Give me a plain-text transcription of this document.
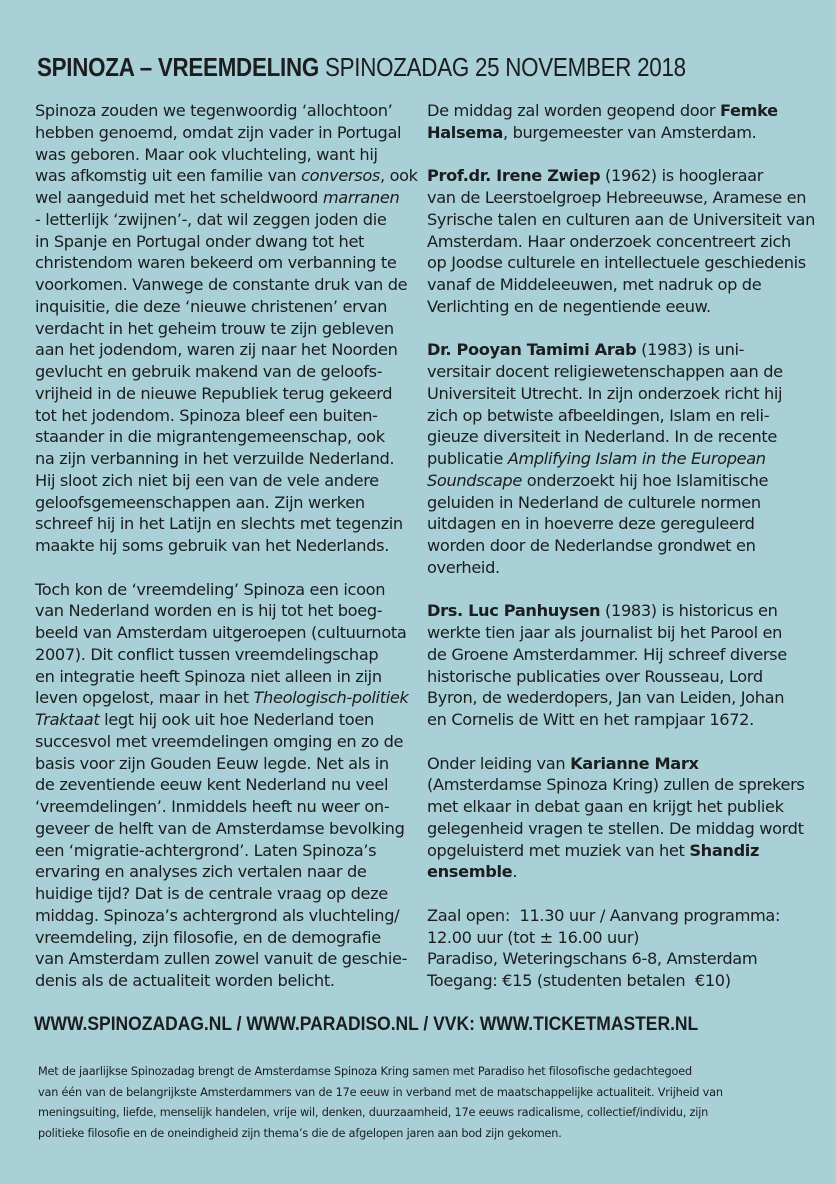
SPINOZA – VREEMDELING SPINOZADAG 25 NOVEMBER 2018
Spinoza zouden we tegenwoordig ‘allochtoon’
hebben genoemd, omdat zijn vader in Portugal
was geboren. Maar ook vluchteling, want hij
was afkomstig uit een familie van conversos, ook
wel aangeduid met het scheldwoord marranen
- letterlijk ‘zwijnen’-, dat wil zeggen joden die
in Spanje en Portugal onder dwang tot het
christendom waren bekeerd om verbanning te
voorkomen. Vanwege de constante druk van de
inquisitie, die deze ‘nieuwe christenen’ ervan
verdacht in het geheim trouw te zijn gebleven
aan het jodendom, waren zij naar het Noorden
gevlucht en gebruik makend van de geloofs-
vrijheid in de nieuwe Republiek terug gekeerd
tot het jodendom. Spinoza bleef een buiten-
staander in die migrantengemeenschap, ook
na zijn verbanning in het verzuilde Nederland.
Hij sloot zich niet bij een van de vele andere
geloofsgemeenschappen aan. Zijn werken
schreef hij in het Latijn en slechts met tegenzin
maakte hij soms gebruik van het Nederlands.
Toch kon de ‘vreemdeling’ Spinoza een icoon
van Nederland worden en is hij tot het boeg-
beeld van Amsterdam uitgeroepen (cultuurnota
2007). Dit conflict tussen vreemdelingschap
en integratie heeft Spinoza niet alleen in zijn
leven opgelost, maar in het Theologisch-politiek
Traktaat legt hij ook uit hoe Nederland toen
succesvol met vreemdelingen omging en zo de
basis voor zijn Gouden Eeuw legde. Net als in
de zeventiende eeuw kent Nederland nu veel
‘vreemdelingen’. Inmiddels heeft nu weer on-
geveer de helft van de Amsterdamse bevolking
een ‘migratie-achtergrond’. Laten Spinoza’s
ervaring en analyses zich vertalen naar de
huidige tijd? Dat is de centrale vraag op deze
middag. Spinoza’s achtergrond als vluchteling/
vreemdeling, zijn filosofie, en de demografie
van Amsterdam zullen zowel vanuit de geschie-
denis als de actualiteit worden belicht.
De middag zal worden geopend door Femke
Halsema, burgemeester van Amsterdam.
Prof.dr. Irene Zwiep (1962) is hoogleraar
van de Leerstoelgroep Hebreeuwse, Aramese en
Syrische talen en culturen aan de Universiteit van
Amsterdam. Haar onderzoek concentreert zich
op Joodse culturele en intellectuele geschiedenis
vanaf de Middeleeuwen, met nadruk op de
Verlichting en de negentiende eeuw.
Dr. Pooyan Tamimi Arab (1983) is uni-
versitair docent religiewetenschappen aan de
Universiteit Utrecht. In zijn onderzoek richt hij
zich op betwiste afbeeldingen, Islam en reli-
gieuze diversiteit in Nederland. In de recente
publicatie Amplifying Islam in the European
Soundscape onderzoekt hij hoe Islamitische
geluiden in Nederland de culturele normen
uitdagen en in hoeverre deze gereguleerd
worden door de Nederlandse grondwet en
overheid.
Drs. Luc Panhuysen (1983) is historicus en
werkte tien jaar als journalist bij het Parool en
de Groene Amsterdammer. Hij schreef diverse
historische publicaties over Rousseau, Lord
Byron, de wederdopers, Jan van Leiden, Johan
en Cornelis de Witt en het rampjaar 1672.
Onder leiding van Karianne Marx
(Amsterdamse Spinoza Kring) zullen de sprekers
met elkaar in debat gaan en krijgt het publiek
gelegenheid vragen te stellen. De middag wordt
opgeluisterd met muziek van het Shandiz
ensemble.
Zaal open:  11.30 uur / Aanvang programma:
12.00 uur (tot ± 16.00 uur)
Paradiso, Weteringschans 6-8, Amsterdam
Toegang: €15 (studenten betalen  €10)
WWW.SPINOZADAG.NL / WWW.PARADISO.NL / VVK: WWW.TICKETMASTER.NL
Met de jaarlijkse Spinozadag brengt de Amsterdamse Spinoza Kring samen met Paradiso het filosofische gedachtegoed
van één van de belangrijkste Amsterdammers van de 17e eeuw in verband met de maatschappelijke actualiteit. Vrijheid van
meningsuiting, liefde, menselijk handelen, vrije wil, denken, duurzaamheid, 17e eeuws radicalisme, collectief/individu, zijn
politieke filosofie en de oneindigheid zijn thema’s die de afgelopen jaren aan bod zijn gekomen.
